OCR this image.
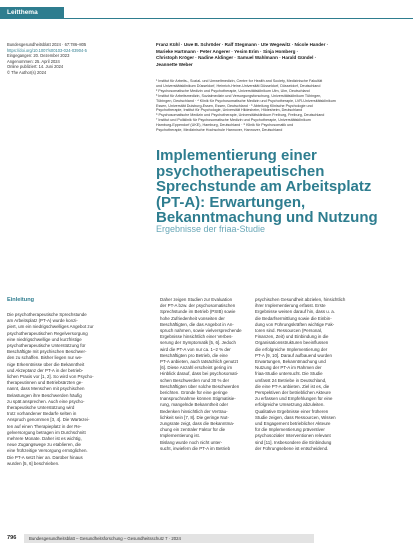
Leitthema
Bundesgesundheitsblatt 2024 · 67:786–805
https://doi.org/10.1007/s00103-024-03904-5
Eingegangen: 20. Dezember 2023
Angenommen: 25. April 2024
Online publiziert: 14. Juni 2024
© The Author(s) 2024
Franz Kühl · Uwe B. Schröder · Ralf Stegmann · Ute Wegewitz · Nicole Hander ·
Marieke Hartmann · Peter Angerer · Yesim Erim · Sinja Homberg ·
Christoph Kröger · Nadine Aldinger · Samuel Wahlmann · Harald Gündel ·
Jeannette Weber
¹ Institut für Arbeits-, Sozial- und Umweltmedizin, Centre for Health and Society, Medizinische Fakultät
und Universitätsklinikum Düsseldorf, Heinrich-Heine-Universität Düsseldorf, Düsseldorf, Deutschland
² Psychosomatische Medizin und Psychotherapie, Universitätsklinikum Ulm, Ulm, Deutschland
³ Institut für Arbeitsmedizin, Sozialmedizin und Versorgungsforschung, Universitätsklinikum Tübingen,
Tübingen, Deutschland · ⁴ Klinik für Psychosomatische Medizin und Psychotherapie, LVR-Universitätsklinikum
Essen, Universität Duisburg-Essen, Essen, Deutschland · ⁵ Abteilung Klinische Psychologie und
Psychotherapie, Institut für Psychologie, Universität Hildesheim, Hildesheim, Deutschland
⁶ Psychosomatische Medizin und Psychotherapie, Universitätsklinikum Freiburg, Freiburg, Deutschland
⁷ Institut und Poliklinik für Psychosomatische Medizin und Psychotherapie, Universitätsklinikum
Hamburg-Eppendorf (UKE), Hamburg, Deutschland · ⁸ Klinik für Psychosomatik und
Psychotherapie, Medizinische Hochschule Hannover, Hannover, Deutschland
Implementierung einer
psychotherapeutischen
Sprechstunde am Arbeitsplatz
(PT-A): Erwartungen,
Bekanntmachung und Nutzung
Ergebnisse der friaa-Studie
Einleitung
Die psychotherapeutische Sprechstunde
am Arbeitsplatz (PT-A) wurde konzi-
piert, um ein niedrigschwelliges Angebot zur
psychotherapeutischen Regelversorgung
eine niedrigschwellige und kurzfristige
psychotherapeutische Unterstützung für
Beschäftigte mit psychischen Beschwer-
den zu schaffen. Bisher liegen nur we-
nige Erkenntnisse über die Bekanntheit
und Akzeptanz der PT-A in der betrieb-
lichen Praxis vor [1, 2]. So wird von Psycho-
therapeutinnen und Betriebsärzten ge-
nannt, dass Menschen mit psychischen
Belastungen ihre Beschwerden häufig
zu spät ansprechen. Auch eine psycho-
therapeutische Unterstützung wird
trotz vorhandener Bedarfe selten in
Anspruch genommen [3, 4]. Die Wartezei-
ten auf einen Therapieplatz in der Re-
gelversorgung betragen im Durchschnitt
mehrere Monate. Daher ist es wichtig,
neue Zugangswege zu etablieren, die
eine frühzeitige Versorgung ermöglichen.
Die PT-A setzt hier an. Darüber hinaus
wurden [5, 6] beschrieben.
Daher zeigen Studien zur Evaluation
der PT-A bzw. der psychosomatischen
Sprechstunde im Betrieb (PSIB) sowie
hohe Zufriedenheit vonseiten der
Beschäftigten, die das Angebot in An-
spruch nahmen, sowie vielversprechende
Ergebnisse hinsichtlich einer Verbes-
serung der Symptomatik [5, 6]. Jedoch
wird die PT-A von nur ca. 1–2 % der
Beschäftigten pro Betrieb, die eine
PT-A anbieten, auch tatsächlich genutzt
[6]. Diese Anzahl erscheint gering im
Hinblick darauf, dass bei psychosomati-
schen Beschwerden rund 30 % der
Beschäftigten über solche Beschwerden
berichten. Gründe für eine geringe
Inanspruchnahme können Stigmatisie-
rung, mangelnde Bekanntheit oder
Bedenken hinsichtlich der Vertrau-
lichkeit sein [7, 8]. Die geringe Nut-
zungsrate zeigt, dass die Bekanntma-
chung ein zentraler Faktor für die
Implementierung ist.
Bislang wurde noch nicht unter-
sucht, inwiefern die PT-A im Betrieb
psychischen Gesundheit abzielen, hinsichtlich
ihrer Implementierung erfasst. Erste
Ergebnisse weisen darauf hin, dass u. a.
die Bedarfsermittlung sowie die Einbin-
dung von Führungskräften wichtige Fak-
toren sind. Ressourcen (Personal,
Finanzen, Zeit) und Einbindung in die
Organisationsstrukturen beeinflussen
die erfolgreiche Implementierung der
PT-A [9, 10]. Darauf aufbauend wurden
Erwartungen, Bekanntmachung und
Nutzung der PT-A im Rahmen der
friaa-Studie untersucht. Die Studie
umfasst 24 Betriebe in Deutschland,
die eine PT-A anbieten. Ziel ist es, die
Perspektiven der betrieblichen Akteure
zu erfassen und Empfehlungen für eine
erfolgreiche Umsetzung abzuleiten.
Qualitative Ergebnisse einer früheren
Studie zeigen, dass Ressourcen, Wissen
und Engagement betrieblicher Akteure
für die Implementierung präventiver
psychosozialer Interventionen relevant
sind [11]. Insbesondere die Einbindung
der Führungsebene ist entscheidend.
796	Bundesgesundheitsblatt – Gesundheitsforschung – Gesundheitsschutz 7 · 2024
